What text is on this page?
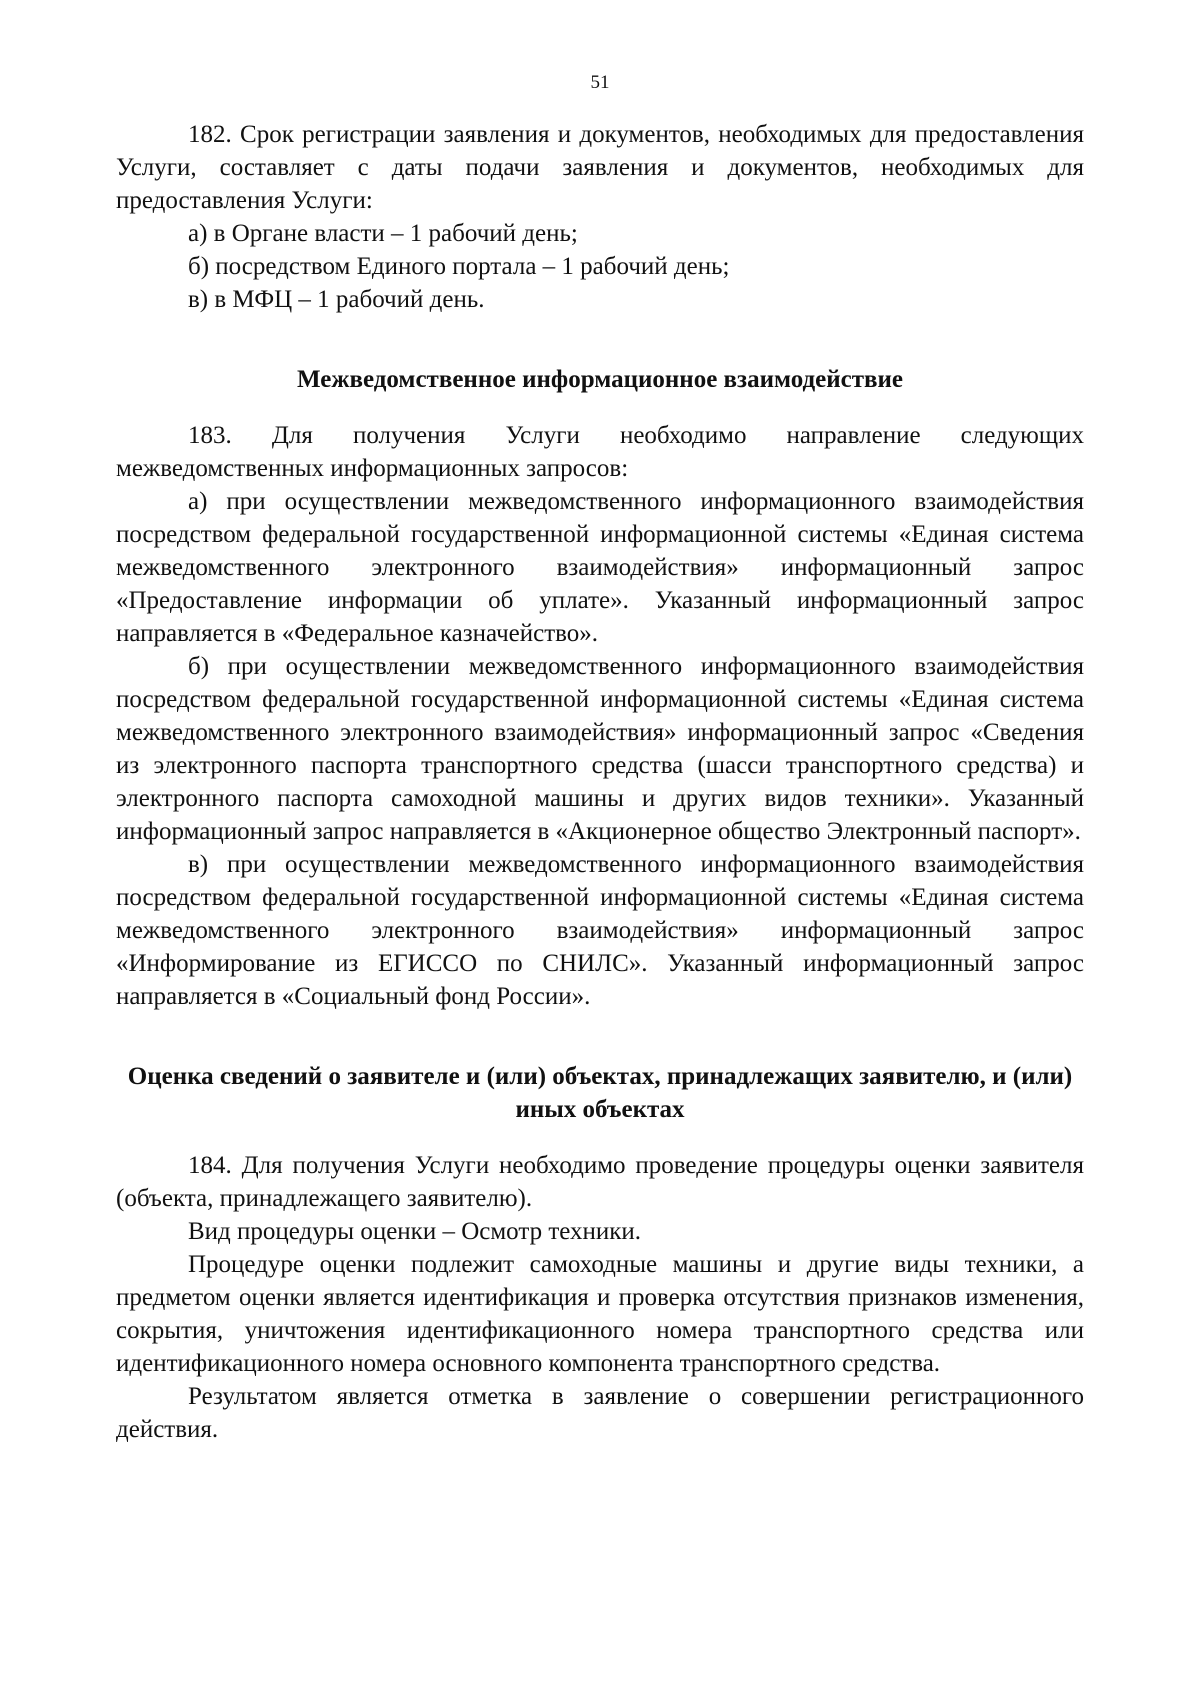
51

182. Срок регистрации заявления и документов, необходимых для предоставления Услуги, составляет с даты подачи заявления и документов, необходимых для предоставления Услуги:

а) в Органе власти – 1 рабочий день;

б) посредством Единого портала – 1 рабочий день;

в) в МФЦ – 1 рабочий день.

Межведомственное информационное взаимодействие

183. Для получения Услуги необходимо направление следующих межведомственных информационных запросов:

а) при осуществлении межведомственного информационного взаимодействия посредством федеральной государственной информационной системы «Единая система межведомственного электронного взаимодействия» информационный запрос «Предоставление информации об уплате». Указанный информационный запрос направляется в «Федеральное казначейство».

б) при осуществлении межведомственного информационного взаимодействия посредством федеральной государственной информационной системы «Единая система межведомственного электронного взаимодействия» информационный запрос «Сведения из электронного паспорта транспортного средства (шасси транспортного средства) и электронного паспорта самоходной машины и других видов техники». Указанный информационный запрос направляется в «Акционерное общество Электронный паспорт».

в) при осуществлении межведомственного информационного взаимодействия посредством федеральной государственной информационной системы «Единая система межведомственного электронного взаимодействия» информационный запрос «Информирование из ЕГИССО по СНИЛС». Указанный информационный запрос направляется в «Социальный фонд России».

Оценка сведений о заявителе и (или) объектах, принадлежащих заявителю, и (или) иных объектах

184. Для получения Услуги необходимо проведение процедуры оценки заявителя (объекта, принадлежащего заявителю).

Вид процедуры оценки – Осмотр техники.

Процедуре оценки подлежит самоходные машины и другие виды техники, а предметом оценки является идентификация и проверка отсутствия признаков изменения, сокрытия, уничтожения идентификационного номера транспортного средства или идентификационного номера основного компонента транспортного средства.

Результатом является отметка в заявление о совершении регистрационного действия.
